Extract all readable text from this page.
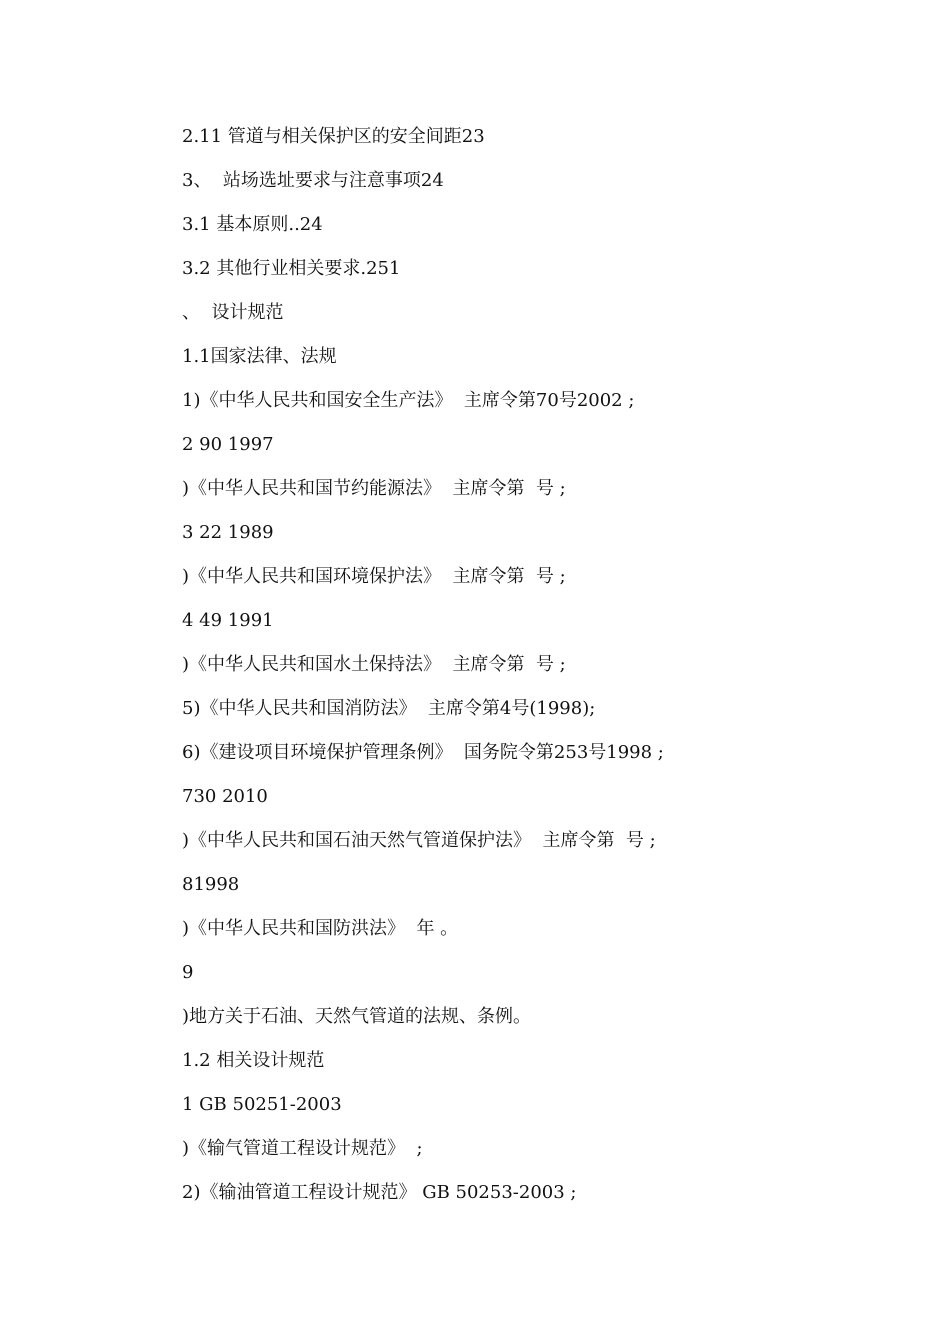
2.11 管道与相关保护区的安全间距23
3、  站场选址要求与注意事项24
3.1 基本原则..24
3.2 其他行业相关要求.251
、  设计规范
1.1国家法律、法规
1)《中华人民共和国安全生产法》  主席令第70号2002 ;
2 90 1997
)《中华人民共和国节约能源法》  主席令第  号 ;
3 22 1989
)《中华人民共和国环境保护法》  主席令第  号 ;
4 49 1991
)《中华人民共和国水土保持法》  主席令第  号 ;
5)《中华人民共和国消防法》  主席令第4号(1998);
6)《建设项目环境保护管理条例》  国务院令第253号1998 ;
730 2010
)《中华人民共和国石油天然气管道保护法》  主席令第  号 ;
81998
)《中华人民共和国防洪法》  年 。
9
)地方关于石油、天然气管道的法规、条例。
1.2 相关设计规范
1 GB 50251-2003
)《输气管道工程设计规范》  ;
2)《输油管道工程设计规范》 GB 50253-2003 ;
